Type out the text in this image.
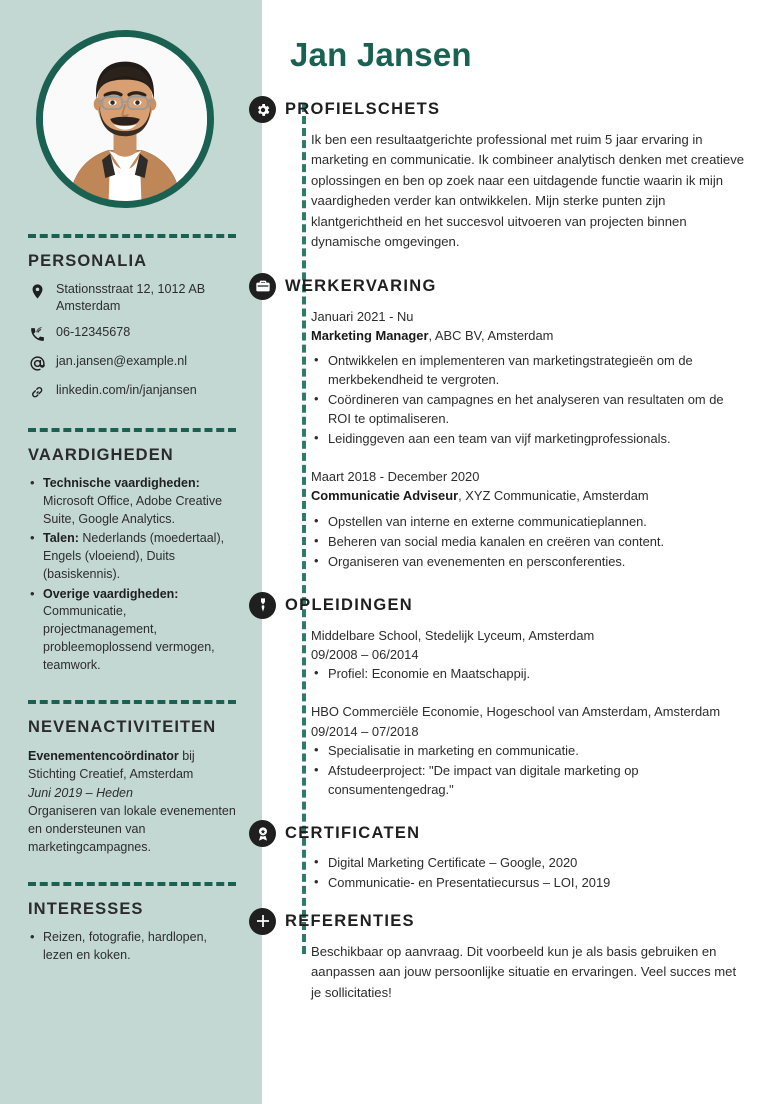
PERSONALIA
Stationsstraat 12, 1012 AB Amsterdam
06-12345678
jan.jansen@example.nl
linkedin.com/in/janjansen
VAARDIGHEDEN
• Technische vaardigheden: Microsoft Office, Adobe Creative Suite, Google Analytics.
• Talen: Nederlands (moedertaal), Engels (vloeiend), Duits (basiskennis).
• Overige vaardigheden: Communicatie, projectmanagement, probleemoplossend vermogen, teamwork.
NEVENACTIVITEITEN
Evenementencoördinator bij
Stichting Creatief, Amsterdam
Juni 2019 – Heden
Organiseren van lokale evenementen en ondersteunen van marketingcampagnes.
INTERESSES
• Reizen, fotografie, hardlopen, lezen en koken.
Jan Jansen
PROFIELSCHETS

Ik ben een resultaatgerichte professional met ruim 5 jaar ervaring in marketing en communicatie. Ik combineer analytisch denken met creatieve oplossingen en ben op zoek naar een uitdagende functie waarin ik mijn vaardigheden verder kan ontwikkelen. Mijn sterke punten zijn klantgerichtheid en het succesvol uitvoeren van projecten binnen dynamische omgevingen.

WERKERVARING
Januari 2021 - Nu
Marketing Manager, ABC BV, Amsterdam
• Ontwikkelen en implementeren van marketingstrategieën om de merkbekendheid te vergroten.
• Coördineren van campagnes en het analyseren van resultaten om de ROI te optimaliseren.
• Leidinggeven aan een team van vijf marketingprofessionals.
Maart 2018 - December 2020
Communicatie Adviseur, XYZ Communicatie, Amsterdam
• Opstellen van interne en externe communicatieplannen.
• Beheren van social media kanalen en creëren van content.
• Organiseren van evenementen en persconferenties.
OPLEIDINGEN
Middelbare School, Stedelijk Lyceum, Amsterdam
09/2008 – 06/2014
• Profiel: Economie en Maatschappij.
HBO Commerciële Economie, Hogeschool van Amsterdam, Amsterdam
09/2014 – 07/2018
• Specialisatie in marketing en communicatie.
• Afstudeerproject: "De impact van digitale marketing op consumentengedrag."
CERTIFICATEN
• Digital Marketing Certificate – Google, 2020
• Communicatie- en Presentatiecursus – LOI, 2019
REFERENTIES

Beschikbaar op aanvraag. Dit voorbeeld kun je als basis gebruiken en aanpassen aan jouw persoonlijke situatie en ervaringen. Veel succes met je sollicitaties!
